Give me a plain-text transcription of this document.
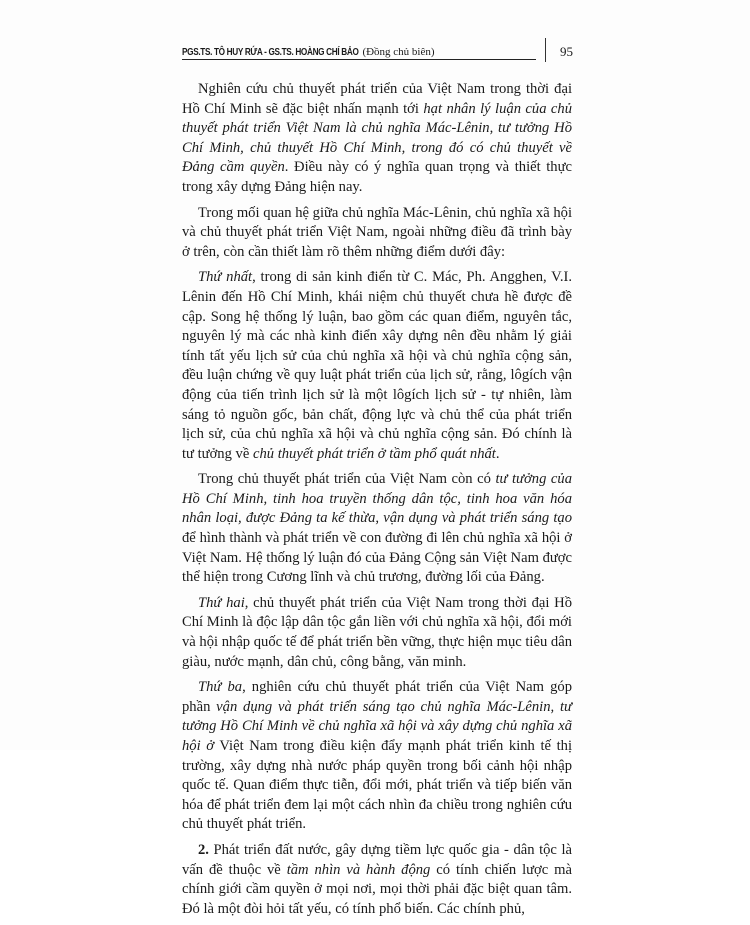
PGS.TS. TÔ HUY RỨA - GS.TS. HOÀNG CHÍ BẢO (Đồng chủ biên)	95

Nghiên cứu chủ thuyết phát triển của Việt Nam trong thời đại Hồ Chí Minh sẽ đặc biệt nhấn mạnh tới hạt nhân lý luận của chủ thuyết phát triển Việt Nam là chủ nghĩa Mác-Lênin, tư tưởng Hồ Chí Minh, chủ thuyết Hồ Chí Minh, trong đó có chủ thuyết về Đảng cầm quyền. Điều này có ý nghĩa quan trọng và thiết thực trong xây dựng Đảng hiện nay.

Trong mối quan hệ giữa chủ nghĩa Mác-Lênin, chủ nghĩa xã hội và chủ thuyết phát triển Việt Nam, ngoài những điều đã trình bày ở trên, còn cần thiết làm rõ thêm những điểm dưới đây:

Thứ nhất, trong di sản kinh điển từ C. Mác, Ph. Angghen, V.I. Lênin đến Hồ Chí Minh, khái niệm chủ thuyết chưa hề được đề cập. Song hệ thống lý luận, bao gồm các quan điểm, nguyên tắc, nguyên lý mà các nhà kinh điển xây dựng nên đều nhằm lý giải tính tất yếu lịch sử của chủ nghĩa xã hội và chủ nghĩa cộng sản, đều luận chứng về quy luật phát triển của lịch sử, rằng, lôgích vận động của tiến trình lịch sử là một lôgích lịch sử - tự nhiên, làm sáng tỏ nguồn gốc, bản chất, động lực và chủ thể của phát triển lịch sử, của chủ nghĩa xã hội và chủ nghĩa cộng sản. Đó chính là tư tưởng về chủ thuyết phát triển ở tầm phổ quát nhất.

Trong chủ thuyết phát triển của Việt Nam còn có tư tưởng của Hồ Chí Minh, tinh hoa truyền thống dân tộc, tinh hoa văn hóa nhân loại, được Đảng ta kế thừa, vận dụng và phát triển sáng tạo để hình thành và phát triển về con đường đi lên chủ nghĩa xã hội ở Việt Nam. Hệ thống lý luận đó của Đảng Cộng sản Việt Nam được thể hiện trong Cương lĩnh và chủ trương, đường lối của Đảng.

Thứ hai, chủ thuyết phát triển của Việt Nam trong thời đại Hồ Chí Minh là độc lập dân tộc gắn liền với chủ nghĩa xã hội, đổi mới và hội nhập quốc tế để phát triển bền vững, thực hiện mục tiêu dân giàu, nước mạnh, dân chủ, công bằng, văn minh.

Thứ ba, nghiên cứu chủ thuyết phát triển của Việt Nam góp phần vận dụng và phát triển sáng tạo chủ nghĩa Mác-Lênin, tư tưởng Hồ Chí Minh về chủ nghĩa xã hội và xây dựng chủ nghĩa xã hội ở Việt Nam trong điều kiện đẩy mạnh phát triển kinh tế thị trường, xây dựng nhà nước pháp quyền trong bối cảnh hội nhập quốc tế. Quan điểm thực tiễn, đổi mới, phát triển và tiếp biến văn hóa để phát triển đem lại một cách nhìn đa chiều trong nghiên cứu chủ thuyết phát triển.

2. Phát triển đất nước, gây dựng tiềm lực quốc gia - dân tộc là vấn đề thuộc về tầm nhìn và hành động có tính chiến lược mà chính giới cầm quyền ở mọi nơi, mọi thời phải đặc biệt quan tâm. Đó là một đòi hỏi tất yếu, có tính phổ biến. Các chính phủ,
